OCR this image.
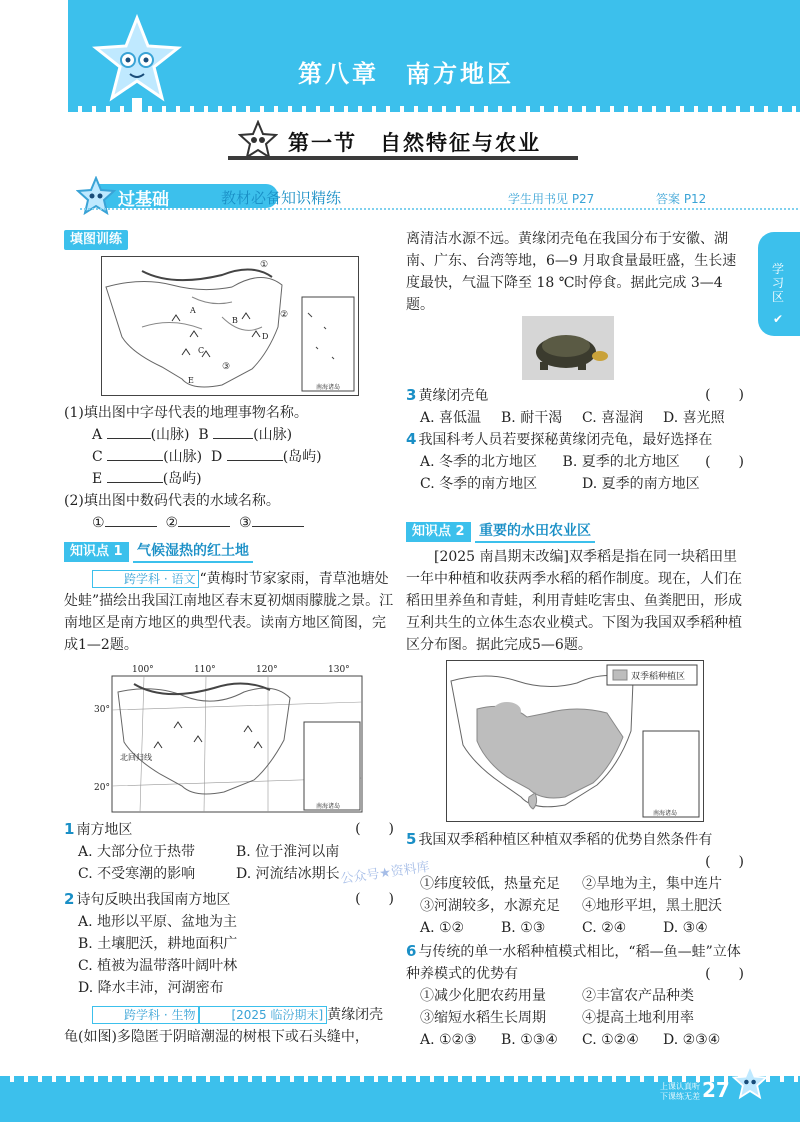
第八章　南方地区
第一节　自然特征与农业
过基础	教材必备知识精练	学生用书见 P27	答案 P12
学习区
✔
填图训练
①
②
③
A
B
C
D
E
南海诸岛
(1)填出图中字母代表的地理事物名称。
A	(山脉) B	(山脉)
C	(山脉) D	(岛屿)
E	(岛屿)
(2)填出图中数码代表的水域名称。
①	②	③
知识点 1 气候湿热的红土地
跨学科 · 语文 “黄梅时节家家雨，青草池塘处处蛙”描绘出我国江南地区春末夏初烟雨朦胧之景。江南地区是南方地区的典型代表。读南方地区简图，完成1—2题。
100°	110°	120°	130°
30°
20°
北回归线
南海诸岛
1 南方地区	(　　)
A. 大部分位于热带	B. 位于淮河以南
C. 不受寒潮的影响	D. 河流结冰期长
2 诗句反映出我国南方地区	(　　)
A. 地形以平原、盆地为主
B. 土壤肥沃，耕地面积广
C. 植被为温带落叶阔叶林
D. 降水丰沛，河湖密布
跨学科 · 生物	[2025 临汾期末] 黄缘闭壳龟(如图)多隐匿于阴暗潮湿的树根下或石头缝中，
离清洁水源不远。黄缘闭壳龟在我国分布于安徽、湖南、广东、台湾等地，6—9 月取食量最旺盛，生长速度最快，气温下降至 18 ℃时停食。据此完成 3—4 题。
3 黄缘闭壳龟	(　　)
A. 喜低温	B. 耐干渴	C. 喜湿润	D. 喜光照
4 我国科考人员若要探秘黄缘闭壳龟，最好选择在
(　　)
A. 冬季的北方地区	B. 夏季的北方地区
C. 冬季的南方地区	D. 夏季的南方地区
知识点 2 重要的水田农业区
[2025 南昌期末改编]双季稻是指在同一块稻田里一年中种植和收获两季水稻的稻作制度。现在，人们在稻田里养鱼和青蛙，利用青蛙吃害虫、鱼粪肥田，形成互利共生的立体生态农业模式。下图为我国双季稻种植区分布图。据此完成5—6题。
双季稻种植区
南海诸岛
5 我国双季稻种植区种植双季稻的优势自然条件有
(　　)
①纬度较低，热量充足	②旱地为主，集中连片
③河湖较多，水源充足	④地形平坦，黑土肥沃
A. ①②	B. ①③	C. ②④	D. ③④
6 与传统的单一水稻种植模式相比，“稻—鱼—蛙”立体种养模式的优势有	(　　)
①减少化肥农药用量	②丰富农产品种类
③缩短水稻生长周期	④提高土地利用率
A. ①②③	B. ①③④	C. ①②④	D. ②③④
公众号★资料库
上课认真听
下课练无差 27
